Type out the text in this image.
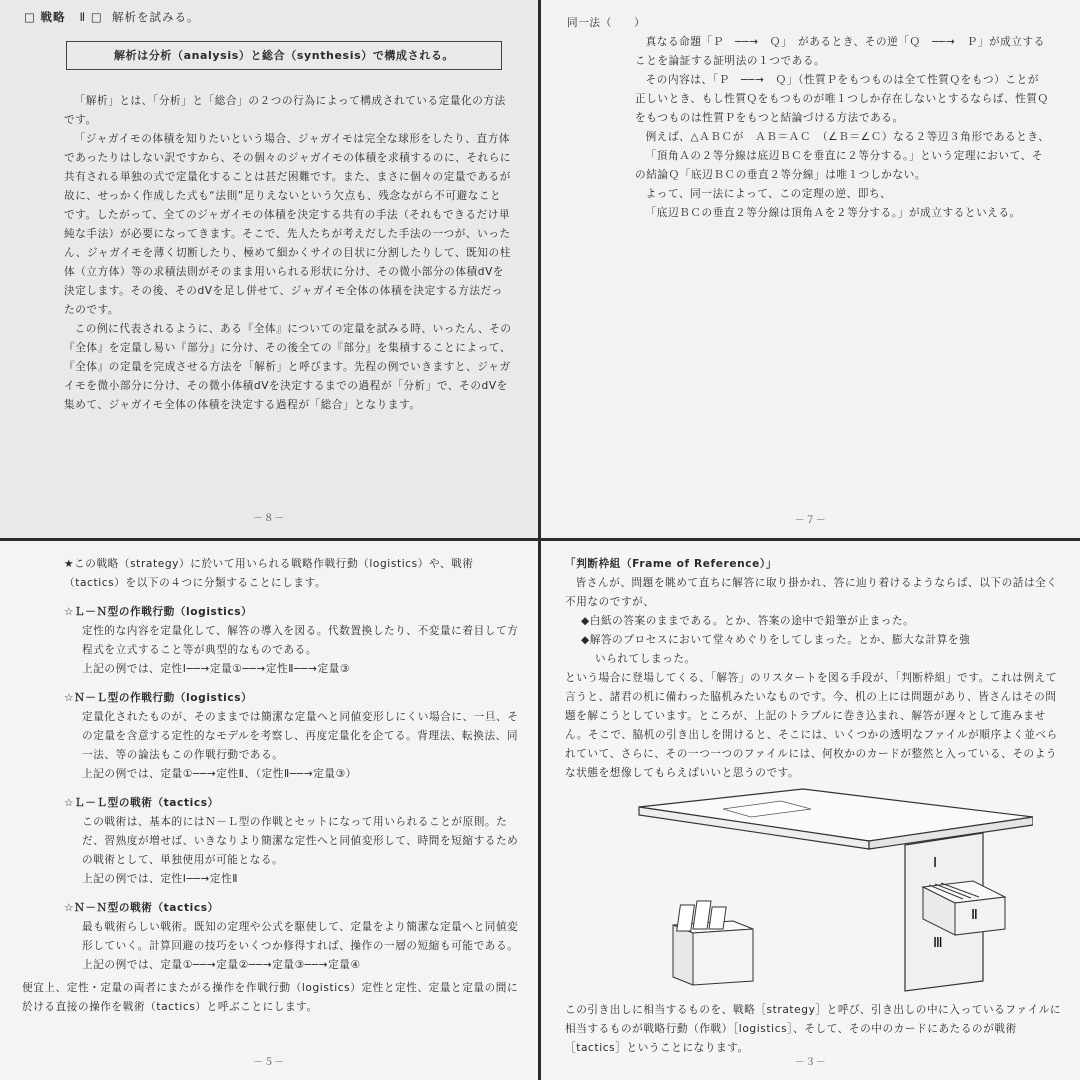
□ 戦略 Ⅱ □ 解析を試みる。
解析は分析（analysis）と総合（synthesis）で構成される。
「解析」とは、「分析」と「総合」の２つの行為によって構成されている定量化の方法です。
「ジャガイモの体積を知りたいという場合、ジャガイモは完全な球形をしたり、直方体であったりはしない訳ですから、その個々のジャガイモの体積を求積するのに、それらに共有される単独の式で定量化することは甚だ困難です。また、まさに個々の定量であるが故に、せっかく作成した式も“法則”足りえないという欠点も、残念ながら不可避なことです。したがって、全てのジャガイモの体積を決定する共有の手法（それもできるだけ単純な手法）が必要になってきます。そこで、先人たちが考えだした手法の一つが、いったん、ジャガイモを薄く切断したり、極めて細かくサイの目状に分割したりして、既知の柱体（立方体）等の求積法則がそのまま用いられる形状に分け、その微小部分の体積dVを決定します。その後、そのdVを足し併せて、ジャガイモ全体の体積を決定する方法だったのです。
この例に代表されるように、ある『全体』についての定量を試みる時、いったん、その『全体』を定量し易い『部分』に分け、その後全ての『部分』を集積することによって、『全体』の定量を完成させる方法を「解析」と呼びます。先程の例でいきますと、ジャガイモを微小部分に分け、その微小体積dVを決定するまでの過程が「分析」で、そのdVを集めて、ジャガイモ全体の体積を決定する過程が「総合」となります。
－８－
同一法（　　）
真なる命題「Ｐ　──→　Ｑ」　があるとき、その逆「Ｑ　──→　Ｐ」が成立することを論証する証明法の１つである。
その内容は、「Ｐ　──→　Ｑ」（性質Ｐをもつものは全て性質Ｑをもつ）ことが正しいとき、もし性質Ｑをもつものが唯１つしか存在しないとするならば、性質Ｑをもつものは性質Ｐをもつと結論づける方法である。
例えば、△ＡＢＣが　ＡＢ＝ＡＣ　（∠Ｂ＝∠Ｃ）なる２等辺３角形であるとき、
「頂角Ａの２等分線は底辺ＢＣを垂直に２等分する。」という定理において、その結論Ｑ「底辺ＢＣの垂直２等分線」は唯１つしかない。
よって、同一法によって、この定理の逆、即ち、
「底辺ＢＣの垂直２等分線は頂角Ａを２等分する。」が成立するといえる。
－７－
★この戦略（strategy）に於いて用いられる戦略作戦行動（logistics）や、戦術（tactics）を以下の４つに分類することにします。
☆Ｌ－Ｎ型の作戦行動（logistics）
定性的な内容を定量化して、解答の導入を図る。代数置換したり、不変量に着目して方程式を立式すること等が典型的なものである。
上記の例では、定性Ⅰ──→定量①──→定性Ⅱ──→定量③
☆Ｎ－Ｌ型の作戦行動（logistics）
定量化されたものが、そのままでは簡潔な定量へと同値変形しにくい場合に、一旦、その定量を含意する定性的なモデルを考察し、再度定量化を企てる。背理法、転換法、同一法、等の論法もこの作戦行動である。
上記の例では、定量①──→定性Ⅱ、（定性Ⅱ──→定量③）
☆Ｌ－Ｌ型の戦術（tactics）
この戦術は、基本的にはＮ－Ｌ型の作戦とセットになって用いられることが原則。ただ、習熟度が増せば、いきなりより簡潔な定性へと同値変形して、時間を短縮するための戦術として、単独使用が可能となる。
上記の例では、定性Ⅰ──→定性Ⅱ
☆Ｎ－Ｎ型の戦術（tactics）
最も戦術らしい戦術。既知の定理や公式を駆使して、定量をより簡潔な定量へと同値変形していく。計算回避の技巧をいくつか修得すれば、操作の一層の短縮も可能である。
上記の例では、定量①──→定量②──→定量③──→定量④
便宜上、定性・定量の両者にまたがる操作を作戦行動（logistics）定性と定性、定量と定量の間に於ける直接の操作を戦術（tactics）と呼ぶことにします。
－５－
「判断枠組（Frame of Reference）」
皆さんが、問題を眺めて直ちに解答に取り掛かれ、答に辿り着けるようならば、以下の話は全く不用なのですが、
◆白紙の答案のままである。とか、答案の途中で鉛筆が止まった。
◆解答のプロセスにおいて堂々めぐりをしてしまった。とか、膨大な計算を強
いられてしまった。
という場合に登場してくる、「解答」のリスタートを図る手段が、「判断枠組」です。これは例えて言うと、諸君の机に備わった脇机みたいなものです。今、机の上には問題があり、皆さんはその問題を解こうとしています。ところが、上記のトラブルに巻き込まれ、解答が遅々として進みません。そこで、脇机の引き出しを開けると、そこには、いくつかの透明なファイルが順序よく並べられていて、さらに、その一つ一つのファイルには、何枚かのカードが整然と入っている、そのような状態を想像してもらえばいいと思うのです。
Ⅰ
Ⅱ
Ⅲ
この引き出しに相当するものを、戦略［strategy］と呼び、引き出しの中に入っているファイルに相当するものが戦略行動（作戦）［logistics］、そして、その中のカードにあたるのが戦術［tactics］ということになります。
－３－
